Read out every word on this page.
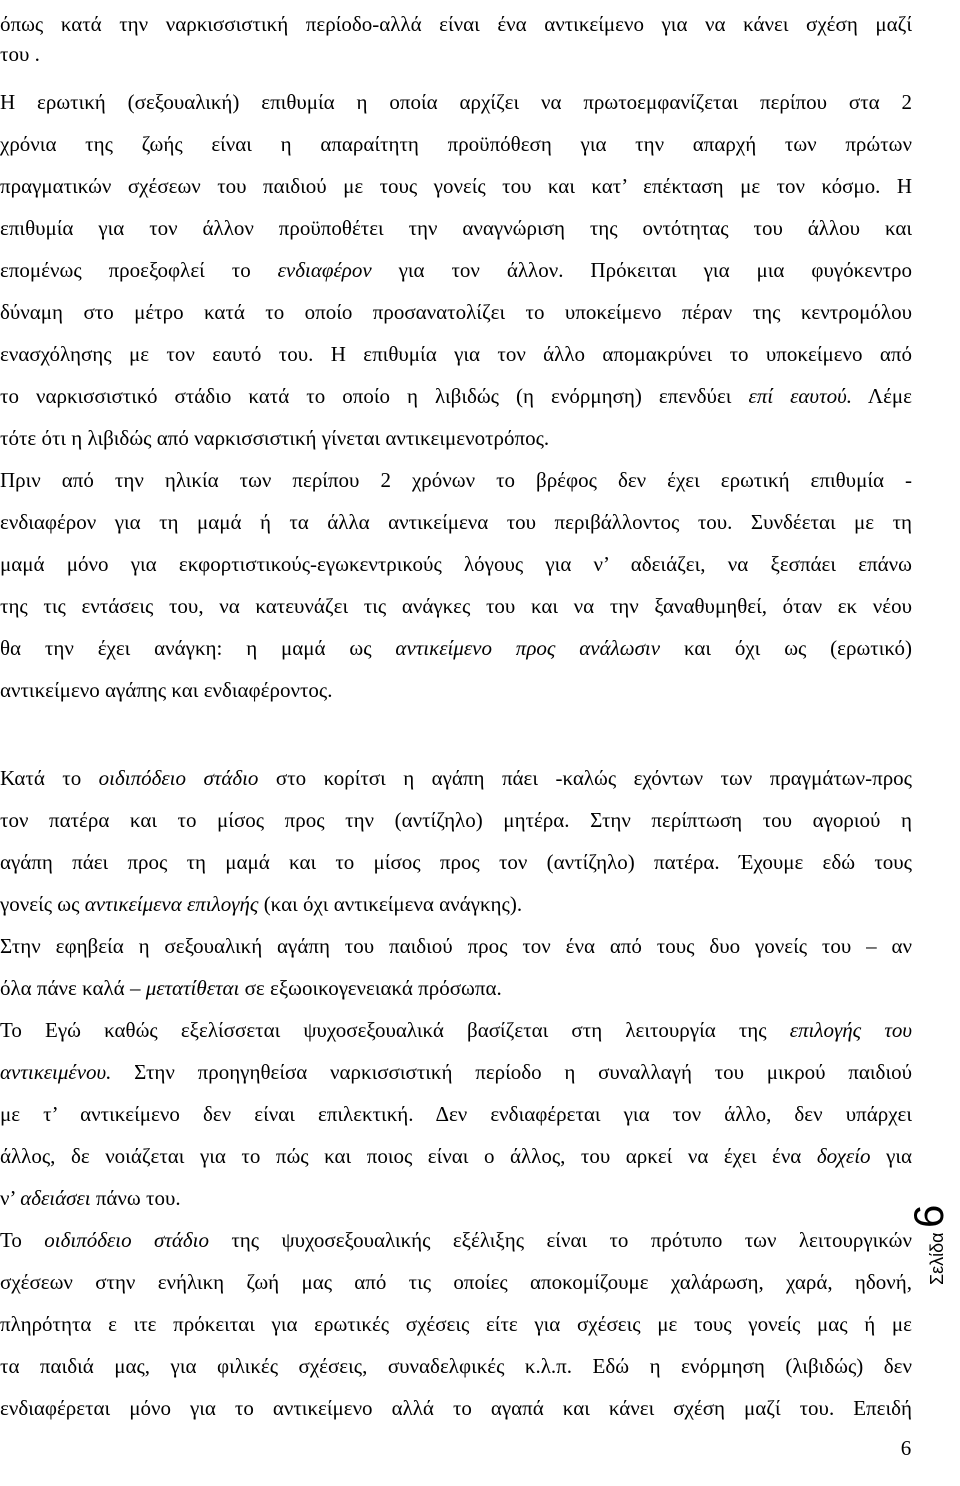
όπως κατά την ναρκισσιστική περίοδο-αλλά είναι ένα αντικείμενο για να κάνει σχέση μαζί
του .
Η ερωτική (σεξουαλική) επιθυμία η οποία αρχίζει να πρωτοεμφανίζεται περίπου στα 2
χρόνια της ζωής είναι η απαραίτητη προϋπόθεση για την απαρχή των πρώτων
πραγματικών σχέσεων του παιδιού με τους γονείς του και κατ’ επέκταση με τον κόσμο. Η
επιθυμία για τον άλλον προϋποθέτει την αναγνώριση της οντότητας του άλλου και
επομένως προεξοφλεί το ενδιαφέρον για τον άλλον. Πρόκειται για μια φυγόκεντρο
δύναμη στο μέτρο κατά το οποίο προσανατολίζει το υποκείμενο πέραν της κεντρομόλου
ενασχόλησης με τον εαυτό του. Η επιθυμία για τον άλλο απομακρύνει το υποκείμενο από
το ναρκισσιστικό στάδιο κατά το οποίο η λιβιδώς (η ενόρμηση) επενδύει επί εαυτού. Λέμε
τότε ότι η λιβιδώς από ναρκισσιστική γίνεται αντικειμενοτρόπος.
Πριν από την ηλικία των περίπου 2 χρόνων το βρέφος δεν έχει ερωτική επιθυμία -
ενδιαφέρον για τη μαμά ή τα άλλα αντικείμενα του περιβάλλοντος του. Συνδέεται με τη
μαμά μόνο για εκφορτιστικούς-εγωκεντρικούς λόγους για ν’ αδειάζει, να ξεσπάει επάνω
της τις εντάσεις του, να κατευνάζει τις ανάγκες του και να την ξαναθυμηθεί, όταν εκ νέου
θα την έχει ανάγκη: η μαμά ως αντικείμενο προς ανάλωσιν και όχι ως (ερωτικό)
αντικείμενο αγάπης και ενδιαφέροντος.
Κατά το οιδιπόδειο στάδιο στο κορίτσι η αγάπη πάει -καλώς εχόντων των πραγμάτων-προς
τον πατέρα και το μίσος προς την (αντίζηλο) μητέρα. Στην περίπτωση του αγοριού η
αγάπη πάει προς τη μαμά και το μίσος προς τον (αντίζηλο) πατέρα. Έχουμε εδώ τους
γονείς ως αντικείμενα επιλογής (και όχι αντικείμενα ανάγκης).
Στην εφηβεία η σεξουαλική αγάπη του παιδιού προς τον ένα από τους δυο γονείς του – αν
όλα πάνε καλά – μετατίθεται σε εξωοικογενειακά πρόσωπα.
Το Εγώ καθώς εξελίσσεται ψυχοσεξουαλικά βασίζεται στη λειτουργία της επιλογής του
αντικειμένου. Στην προηγηθείσα ναρκισσιστική περίοδο η συναλλαγή του μικρού παιδιού
με τ’ αντικείμενο δεν είναι επιλεκτική. Δεν ενδιαφέρεται για τον άλλο, δεν υπάρχει
άλλος, δε νοιάζεται για το πώς και ποιος είναι ο άλλος, του αρκεί να έχει ένα δοχείο για
ν’ αδειάσει πάνω του.
Το οιδιπόδειο στάδιο της ψυχοσεξουαλικής εξέλιξης είναι το πρότυπο των λειτουργικών
σχέσεων στην ενήλικη ζωή μας από τις οποίες αποκομίζουμε χαλάρωση, χαρά, ηδονή,
πληρότητα ε ιτε πρόκειται για ερωτικές σχέσεις είτε για σχέσεις με τους γονείς μας ή με
τα παιδιά μας, για φιλικές σχέσεις, συναδελφικές κ.λ.π. Εδώ η ενόρμηση (λιβιδώς) δεν
ενδιαφέρεται μόνο για το αντικείμενο αλλά το αγαπά και κάνει σχέση μαζί του. Επειδή
Σελίδα 6
6
